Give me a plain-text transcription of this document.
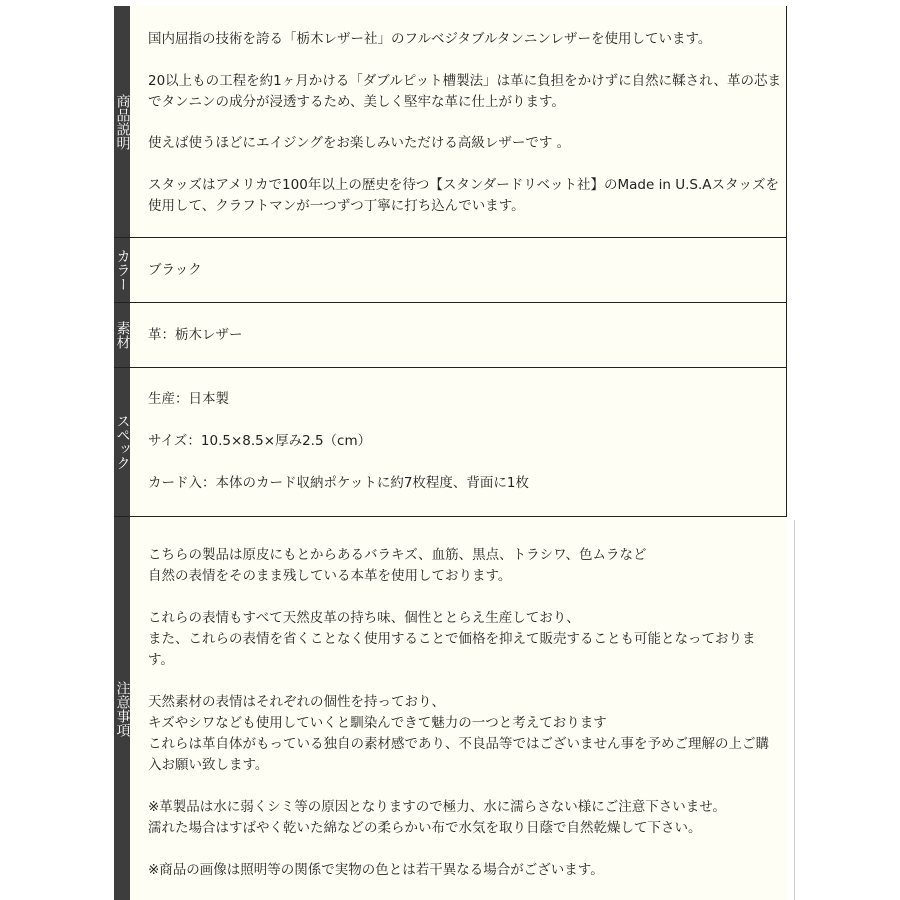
商品説明
国内屈指の技術を誇る「栃木レザー社」のフルベジタブルタンニンレザーを使用しています。
20以上もの工程を約1ヶ月かける「ダブルピット槽製法」は革に負担をかけずに自然に鞣され、革の芯ま
でタンニンの成分が浸透するため、美しく堅牢な革に仕上がります。
使えば使うほどにエイジングをお楽しみいただける高級レザーです 。
スタッズはアメリカで100年以上の歴史を待つ【スタンダードリベット社】のMade in U.S.Aスタッズを
使用して、クラフトマンが一つずつ丁寧に打ち込んでいます。
カラー ブラック
素材 革：栃木レザー
スペック
生産：日本製
サイズ：10.5×8.5×厚み2.5（cm）
カード入：本体のカード収納ポケットに約7枚程度、背面に1枚
注意事項
こちらの製品は原皮にもとからあるバラキズ、血筋、黒点、トラシワ、色ムラなど
自然の表情をそのまま残している本革を使用しております。
これらの表情もすべて天然皮革の持ち味、個性ととらえ生産しており、
また、これらの表情を省くことなく使用することで価格を抑えて販売することも可能となっておりま
す。
天然素材の表情はそれぞれの個性を持っており、
キズやシワなども使用していくと馴染んできて魅力の一つと考えております
これらは革自体がもっている独自の素材感であり、不良品等ではございません事を予めご理解の上ご購
入お願い致します。
※革製品は水に弱くシミ等の原因となりますので極力、水に濡らさない様にご注意下さいませ。
濡れた場合はすばやく乾いた綿などの柔らかい布で水気を取り日蔭で自然乾燥して下さい。
※商品の画像は照明等の関係で実物の色とは若干異なる場合がございます。
